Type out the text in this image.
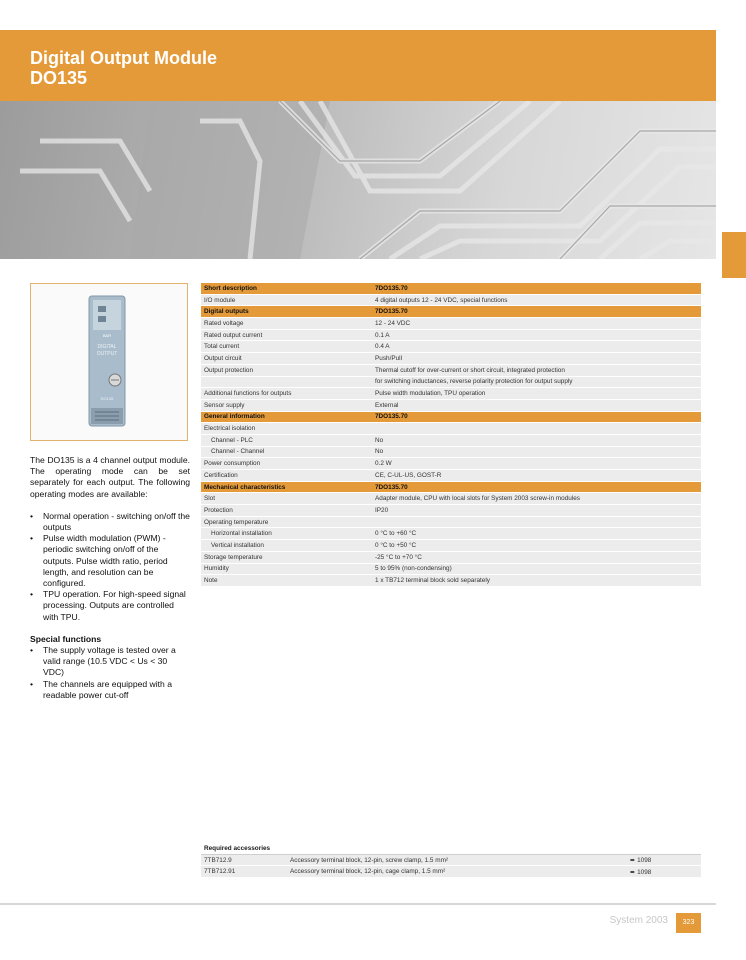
Digital Output Module
DO135
B&R
DIGITAL
OUTPUT
DO135

The DO135 is a 4 channel output module. The operating mode can be set separately for each output. The following operating modes are available:

• Normal operation - switching on/off the outputs
• Pulse width modulation (PWM) - periodic switching on/off of the outputs. Pulse width ratio, period length, and resolution can be configured.
• TPU operation. For high-speed signal processing. Outputs are controlled with TPU.
Special functions
• The supply voltage is tested over a valid range (10.5 VDC < Us < 30 VDC)
• The channels are equipped with a readable power cut-off
Short description	7DO135.70
I/O module	4 digital outputs 12 - 24 VDC, special functions
Digital outputs	7DO135.70
Rated voltage	12 - 24 VDC
Rated output current	0.1 A
Total current	0.4 A
Output circuit	Push/Pull
Output protection	Thermal cutoff for over-current or short circuit, integrated protection
	for switching inductances, reverse polarity protection for output supply
Additional functions for outputs	Pulse width modulation, TPU operation
Sensor supply	External
General information	7DO135.70
Electrical isolation	
Channel - PLC	No
Channel - Channel	No
Power consumption	0.2 W
Certification	CE, C-UL-US, GOST-R
Mechanical characteristics	7DO135.70
Slot	Adapter module, CPU with local slots for System 2003 screw-in modules
Protection	IP20
Operating temperature	
Horizontal installation	0 °C to +60 °C
Vertical installation	0 °C to +50 °C
Storage temperature	-25 °C to +70 °C
Humidity	5 to 95% (non-condensing)
Note	1 x TB712 terminal block sold separately
Required accessories		
7TB712.9	Accessory terminal block, 12-pin, screw clamp, 1.5 mm²	➨ 1098
7TB712.91	Accessory terminal block, 12-pin, cage clamp, 1.5 mm²	➨ 1098
System 2003	323
